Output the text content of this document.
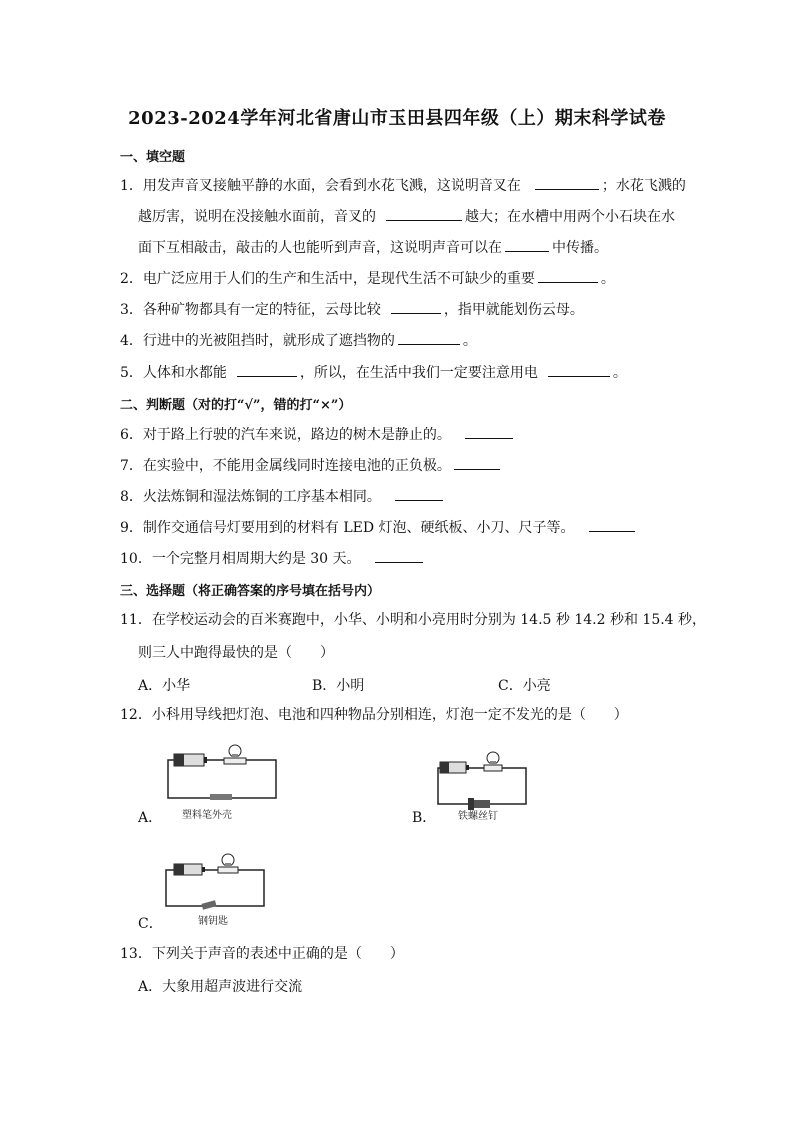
2023-2024学年河北省唐山市玉田县四年级（上）期末科学试卷
一、填空题
1．用发声音叉接触平静的水面，会看到水花飞溅，这说明音叉在	；水花飞溅的
越厉害，说明在没接触水面前，音叉的	越大；在水槽中用两个小石块在水
面下互相敲击，敲击的人也能听到声音，这说明声音可以在	中传播。
2．电广泛应用于人们的生产和生活中，是现代生活不可缺少的重要	。
3．各种矿物都具有一定的特征，云母比较	，指甲就能划伤云母。
4．行进中的光被阻挡时，就形成了遮挡物的	。
5．人体和水都能	，所以，在生活中我们一定要注意用电	。
二、判断题（对的打“√”，错的打“×”）
6．对于路上行驶的汽车来说，路边的树木是静止的。
7．在实验中，不能用金属线同时连接电池的正负极。
8．火法炼铜和湿法炼铜的工序基本相同。
9．制作交通信号灯要用到的材料有 LED 灯泡、硬纸板、小刀、尺子等。
10．一个完整月相周期大约是 30 天。
三、选择题（将正确答案的序号填在括号内）
11．在学校运动会的百米赛跑中，小华、小明和小亮用时分别为 14.5 秒 14.2 秒和 15.4 秒，
则三人中跑得最快的是（　　）
A．小华	B．小明	C．小亮
12．小科用导线把灯泡、电池和四种物品分别相连，灯泡一定不发光的是（　　）
A． 塑料笔外壳	B． 铁螺丝钉
C．	钢钥匙
13．下列关于声音的表述中正确的是（　　）
A．大象用超声波进行交流
